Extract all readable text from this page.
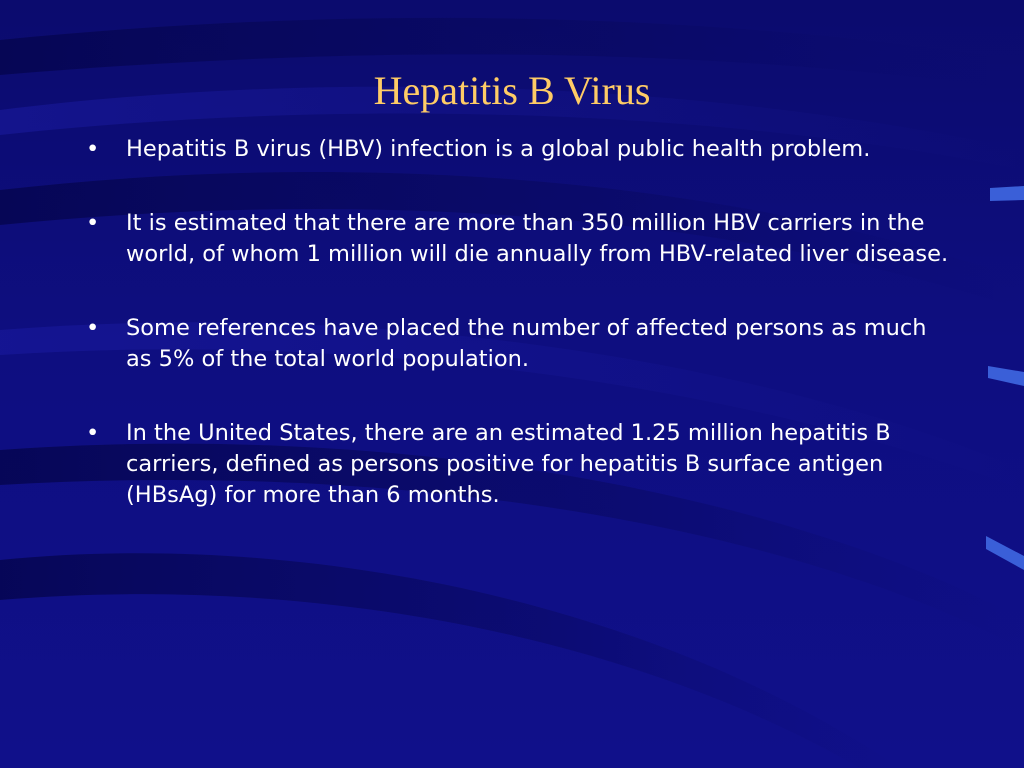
Hepatitis B Virus
• Hepatitis B virus (HBV) infection is a global public health problem.
• It is estimated that there are more than 350 million HBV carriers in the world, of whom 1 million will die annually from HBV-related liver disease.
• Some references have placed the number of affected persons as much as 5% of the total world population.
• In the United States, there are an estimated 1.25 million hepatitis B carriers, defined as persons positive for hepatitis B surface antigen (HBsAg) for more than 6 months.
